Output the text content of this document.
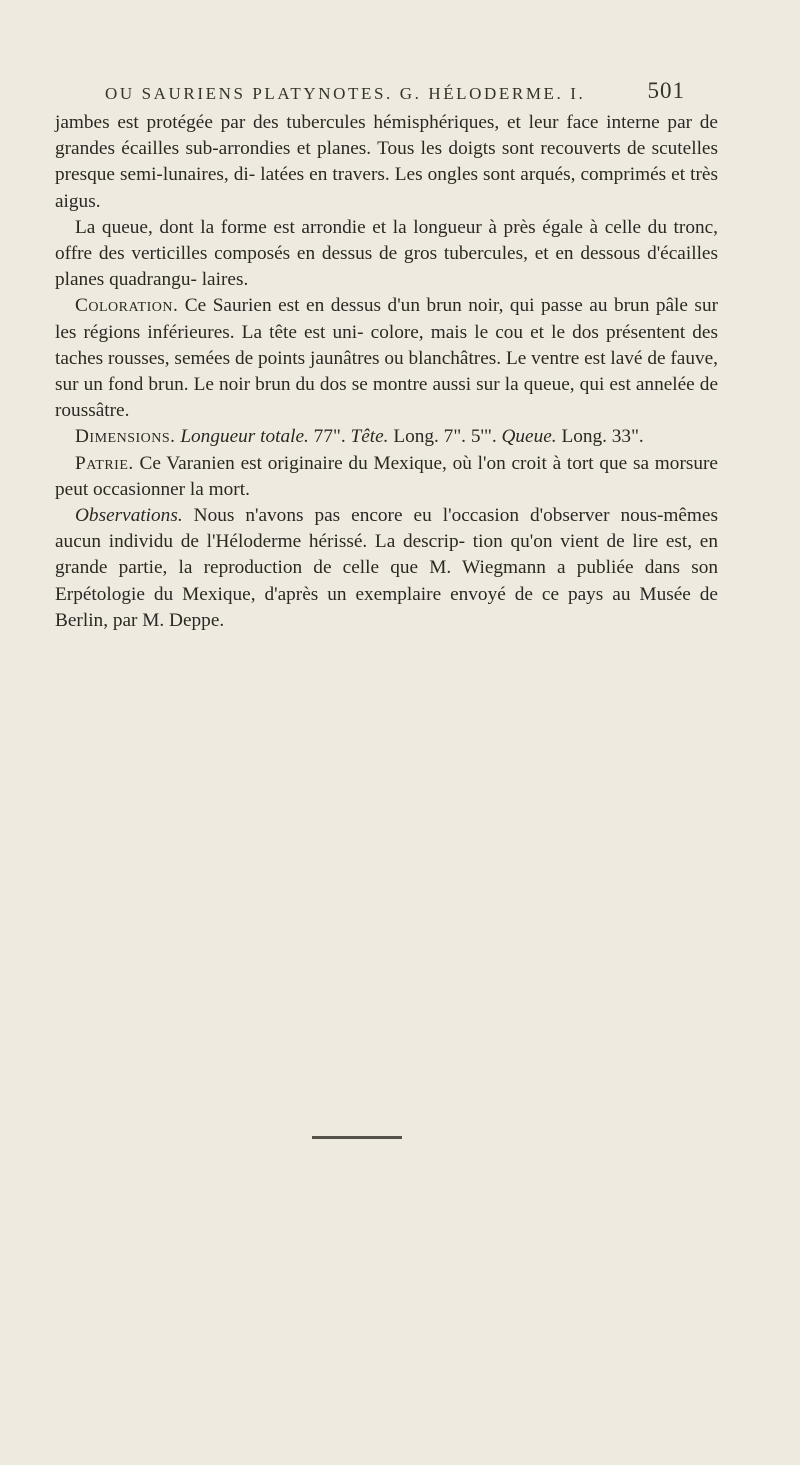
OU SAURIENS PLATYNOTES. G. HÉLODERME. I.	501

jambes est protégée par des tubercules hémisphériques, et leur face interne par de grandes écailles sub-arrondies et planes. Tous les doigts sont recouverts de scutelles presque semi-lunaires, di- latées en travers. Les ongles sont arqués, comprimés et très aigus.

La queue, dont la forme est arrondie et la longueur à près égale à celle du tronc, offre des verticilles composés en dessus de gros tubercules, et en dessous d'écailles planes quadrangu- laires.

Coloration. Ce Saurien est en dessus d'un brun noir, qui passe au brun pâle sur les régions inférieures. La tête est uni- colore, mais le cou et le dos présentent des taches rousses, semées de points jaunâtres ou blanchâtres. Le ventre est lavé de fauve, sur un fond brun. Le noir brun du dos se montre aussi sur la queue, qui est annelée de roussâtre.

Dimensions. Longueur totale. 77". Tête. Long. 7". 5'". Queue. Long. 33".

Patrie. Ce Varanien est originaire du Mexique, où l'on croit à tort que sa morsure peut occasionner la mort.

Observations. Nous n'avons pas encore eu l'occasion d'observer nous-mêmes aucun individu de l'Héloderme hérissé. La descrip- tion qu'on vient de lire est, en grande partie, la reproduction de celle que M. Wiegmann a publiée dans son Erpétologie du Mexique, d'après un exemplaire envoyé de ce pays au Musée de Berlin, par M. Deppe.
